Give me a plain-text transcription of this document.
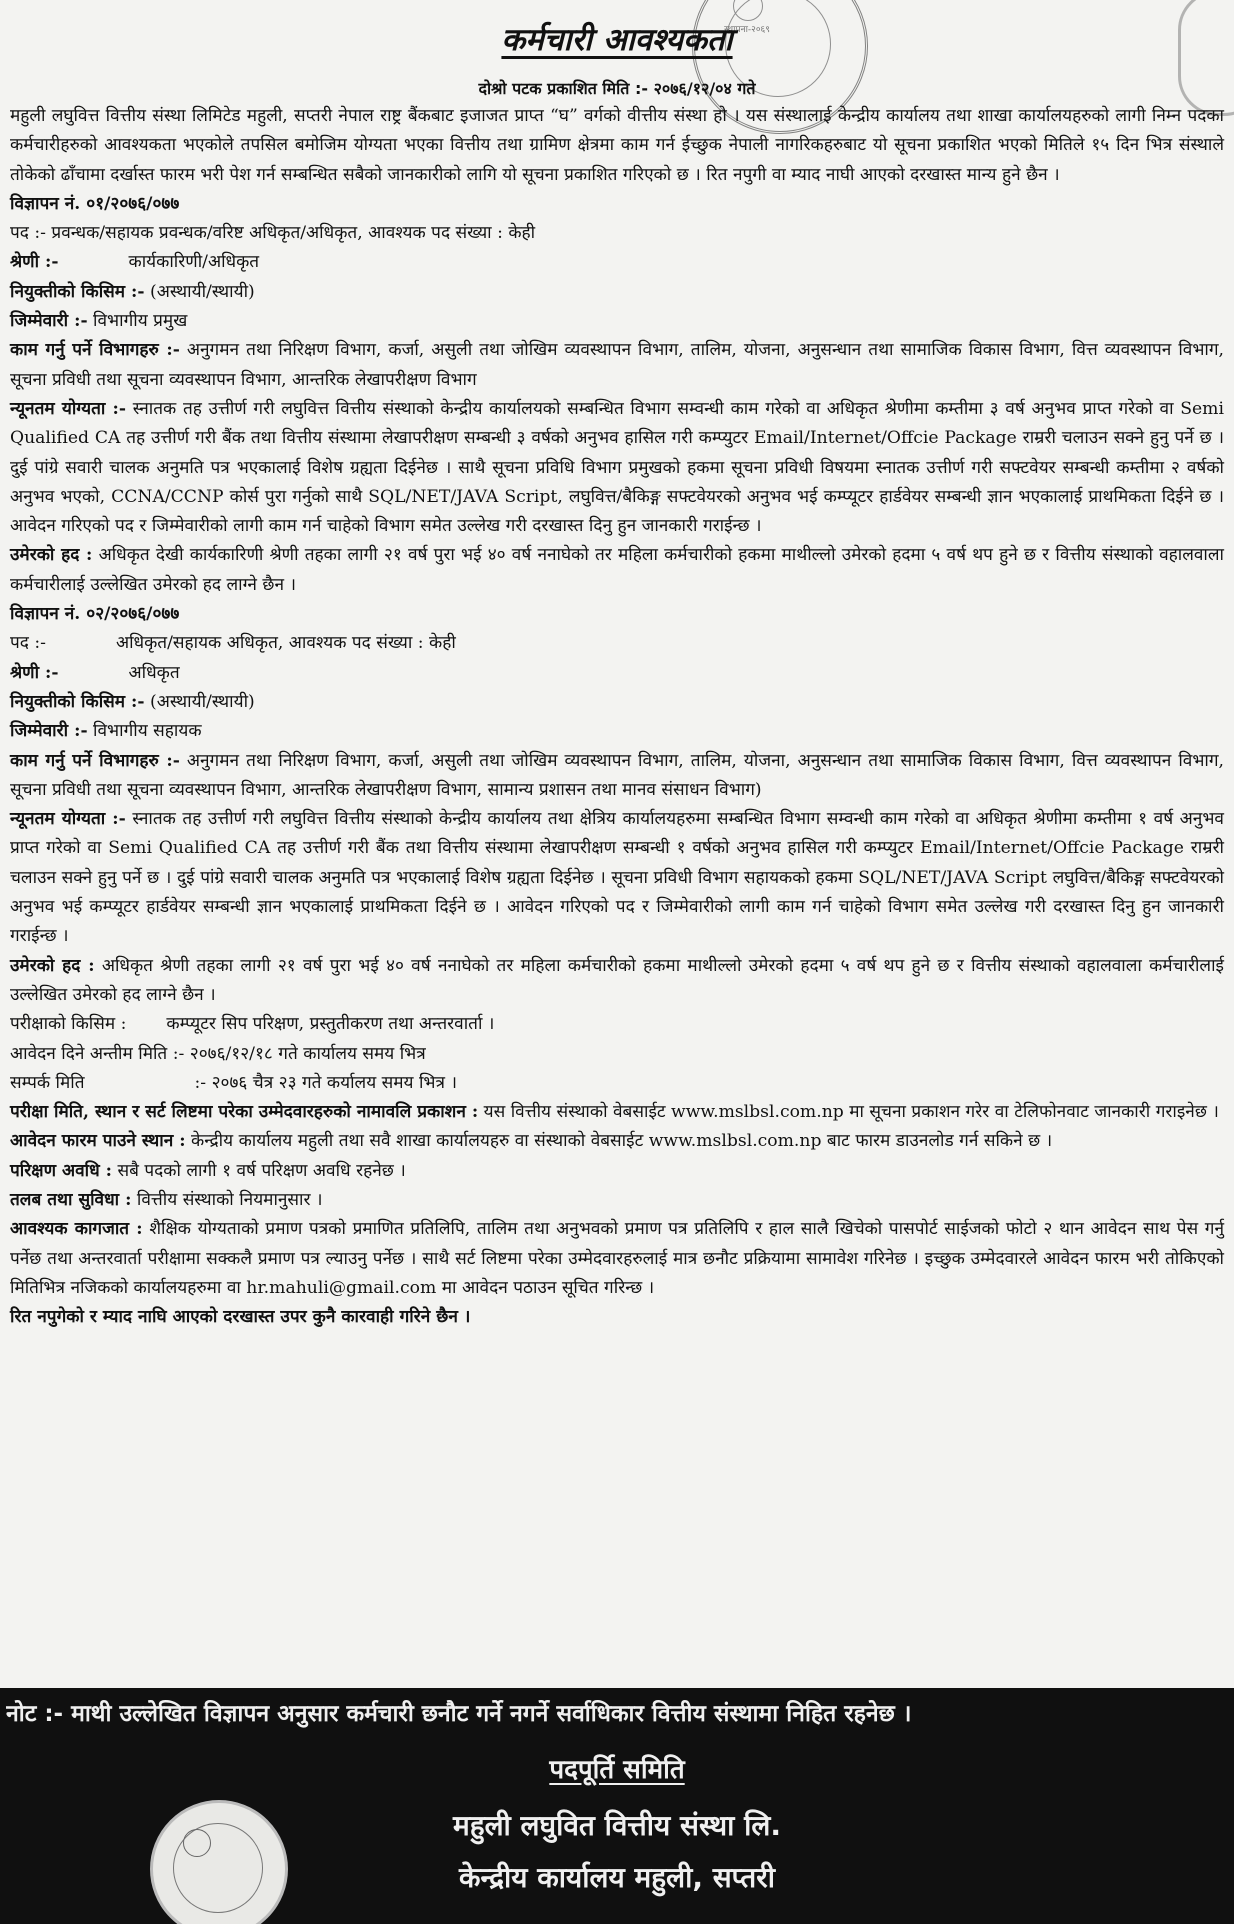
स्थापना-२०६९
कर्मचारी आवश्यकता
दोश्रो पटक प्रकाशित मिति :- २०७६/१२/०४ गते

महुली लघुवित्त वित्तीय संस्था लिमिटेड महुली, सप्तरी नेपाल राष्ट्र बैंकबाट इजाजत प्राप्त “घ” वर्गको वीत्तीय संस्था हो । यस संस्थालाई केन्द्रीय कार्यालय तथा शाखा कार्यालयहरुको लागी निम्न पदका कर्मचारीहरुको आवश्यकता भएकोले तपसिल बमोजिम योग्यता भएका वित्तीय तथा ग्रामिण क्षेत्रमा काम गर्न ईच्छुक नेपाली नागरिकहरुबाट यो सूचना प्रकाशित भएको मितिले १५ दिन भित्र संस्थाले तोकेको ढाँचामा दर्खास्त फारम भरी पेश गर्न सम्बन्धित सबैको जानकारीको लागि यो सूचना प्रकाशित गरिएको छ । रित नपुगी वा म्याद नाघी आएको दरखास्त मान्य हुने छैन ।

विज्ञापन नं. ०१/२०७६/०७७

पद :- प्रवन्धक/सहायक प्रवन्धक/वरिष्ट अधिकृत/अधिकृत, आवश्यक पद संख्या : केही

श्रेणी :-	कार्यकारिणी/अधिकृत

नियुक्तीको किसिम :- (अस्थायी/स्थायी)

जिम्मेवारी :- विभागीय प्रमुख

काम गर्नु पर्ने विभागहरु :- अनुगमन तथा निरिक्षण विभाग, कर्जा, असुली तथा जोखिम व्यवस्थापन विभाग, तालिम, योजना, अनुसन्धान तथा सामाजिक विकास विभाग, वित्त व्यवस्थापन विभाग, सूचना प्रविधी तथा सूचना व्यवस्थापन विभाग, आन्तरिक लेखापरीक्षण विभाग

न्यूनतम योग्यता :- स्नातक तह उत्तीर्ण गरी लघुवित्त वित्तीय संस्थाको केन्द्रीय कार्यालयको सम्बन्धित विभाग सम्वन्धी काम गरेको वा अधिकृत श्रेणीमा कम्तीमा ३ वर्ष अनुभव प्राप्त गरेको वा Semi Qualified CA तह उत्तीर्ण गरी बैंक तथा वित्तीय संस्थामा लेखापरीक्षण सम्बन्धी ३ वर्षको अनुभव हासिल गरी कम्प्युटर Email/Internet/Offcie Package राम्ररी चलाउन सक्ने हुनु पर्ने छ । दुई पांग्रे सवारी चालक अनुमति पत्र भएकालाई विशेष ग्रह्यता दिईनेछ । साथै सूचना प्रविधि विभाग प्रमुखको हकमा सूचना प्रविधी विषयमा स्नातक उत्तीर्ण गरी सफ्टवेयर सम्बन्धी कम्तीमा २ वर्षको अनुभव भएको, CCNA/CCNP कोर्स पुरा गर्नुको साथै SQL/NET/JAVA Script, लघुवित्त/बैकिङ्ग सफ्टवेयरको अनुभव भई कम्प्यूटर हार्डवेयर सम्बन्धी ज्ञान भएकालाई प्राथमिकता दिईने छ । आवेदन गरिएको पद र जिम्मेवारीको लागी काम गर्न चाहेको विभाग समेत उल्लेख गरी दरखास्त दिनु हुन जानकारी गराईन्छ ।

उमेरको हद : अधिकृत देखी कार्यकारिणी श्रेणी तहका लागी २१ वर्ष पुरा भई ४० वर्ष ननाघेको तर महिला कर्मचारीको हकमा माथील्लो उमेरको हदमा ५ वर्ष थप हुने छ र वित्तीय संस्थाको वहालवाला कर्मचारीलाई उल्लेखित उमेरको हद लाग्ने छैन ।

विज्ञापन नं. ०२/२०७६/०७७

पद :-	अधिकृत/सहायक अधिकृत, आवश्यक पद संख्या : केही

श्रेणी :-	अधिकृत

नियुक्तीको किसिम :- (अस्थायी/स्थायी)

जिम्मेवारी :- विभागीय सहायक

काम गर्नु पर्ने विभागहरु :- अनुगमन तथा निरिक्षण विभाग, कर्जा, असुली तथा जोखिम व्यवस्थापन विभाग, तालिम, योजना, अनुसन्धान तथा सामाजिक विकास विभाग, वित्त व्यवस्थापन विभाग, सूचना प्रविधी तथा सूचना व्यवस्थापन विभाग, आन्तरिक लेखापरीक्षण विभाग, सामान्य प्रशासन तथा मानव संसाधन विभाग)

न्यूनतम योग्यता :- स्नातक तह उत्तीर्ण गरी लघुवित्त वित्तीय संस्थाको केन्द्रीय कार्यालय तथा क्षेत्रिय कार्यालयहरुमा सम्बन्धित विभाग सम्वन्धी काम गरेको वा अधिकृत श्रेणीमा कम्तीमा १ वर्ष अनुभव प्राप्त गरेको वा Semi Qualified CA तह उत्तीर्ण गरी बैंक तथा वित्तीय संस्थामा लेखापरीक्षण सम्बन्धी १ वर्षको अनुभव हासिल गरी कम्प्युटर Email/Internet/Offcie Package राम्ररी चलाउन सक्ने हुनु पर्ने छ । दुई पांग्रे सवारी चालक अनुमति पत्र भएकालाई विशेष ग्रह्यता दिईनेछ । सूचना प्रविधी विभाग सहायकको हकमा SQL/NET/JAVA Script लघुवित्त/बैकिङ्ग सफ्टवेयरको अनुभव भई कम्प्यूटर हार्डवेयर सम्बन्धी ज्ञान भएकालाई प्राथमिकता दिईने छ । आवेदन गरिएको पद र जिम्मेवारीको लागी काम गर्न चाहेको विभाग समेत उल्लेख गरी दरखास्त दिनु हुन जानकारी गराईन्छ ।

उमेरको हद : अधिकृत श्रेणी तहका लागी २१ वर्ष पुरा भई ४० वर्ष ननाघेको तर महिला कर्मचारीको हकमा माथील्लो उमेरको हदमा ५ वर्ष थप हुने छ र वित्तीय संस्थाको वहालवाला कर्मचारीलाई उल्लेखित उमेरको हद लाग्ने छैन ।

परीक्षाको किसिम : कम्प्यूटर सिप परिक्षण, प्रस्तुतीकरण तथा अन्तरवार्ता ।

आवेदन दिने अन्तीम मिति :- २०७६/१२/१८ गते कार्यालय समय भित्र

सम्पर्क मिति	:- २०७६ चैत्र २३ गते कर्यालय समय भित्र ।

परीक्षा मिति, स्थान र सर्ट लिष्टमा परेका उम्मेदवारहरुको नामावलि प्रकाशन : यस वित्तीय संस्थाको वेबसाईट www.mslbsl.com.np मा सूचना प्रकाशन गरेर वा टेलिफोनवाट जानकारी गराइनेछ ।

आवेदन फारम पाउने स्थान : केन्द्रीय कार्यालय महुली तथा सवै शाखा कार्यालयहरु वा संस्थाको वेबसाईट www.mslbsl.com.np बाट फारम डाउनलोड गर्न सकिने छ ।

परिक्षण अवधि : सबै पदको लागी १ वर्ष परिक्षण अवधि रहनेछ ।

तलब तथा सुविधा : वित्तीय संस्थाको नियमानुसार ।

आवश्यक कागजात : शैक्षिक योग्यताको प्रमाण पत्रको प्रमाणित प्रतिलिपि, तालिम तथा अनुभवको प्रमाण पत्र प्रतिलिपि र हाल सालै खिचेको पासपोर्ट साईजको फोटो २ थान आवेदन साथ पेस गर्नु पर्नेछ तथा अन्तरवार्ता परीक्षामा सक्कलै प्रमाण पत्र ल्याउनु पर्नेछ । साथै सर्ट लिष्टमा परेका उम्मेदवारहरुलाई मात्र छनौट प्रक्रियामा सामावेश गरिनेछ । इच्छुक उम्मेदवारले आवेदन फारम भरी तोकिएको मितिभित्र नजिकको कार्यालयहरुमा वा hr.mahuli@gmail.com मा आवेदन पठाउन सूचित गरिन्छ ।

रित नपुगेको र म्याद नाघि आएको दरखास्त उपर कुनै कारवाही गरिने छैन ।

नोट :- माथी उल्लेखित विज्ञापन अनुसार कर्मचारी छनौट गर्ने नगर्ने सर्वाधिकार वित्तीय संस्थामा निहित रहनेछ ।
पदपूर्ति समिति
महुली लघुवित वित्तीय संस्था लि.
केन्द्रीय कार्यालय महुली, सप्तरी
